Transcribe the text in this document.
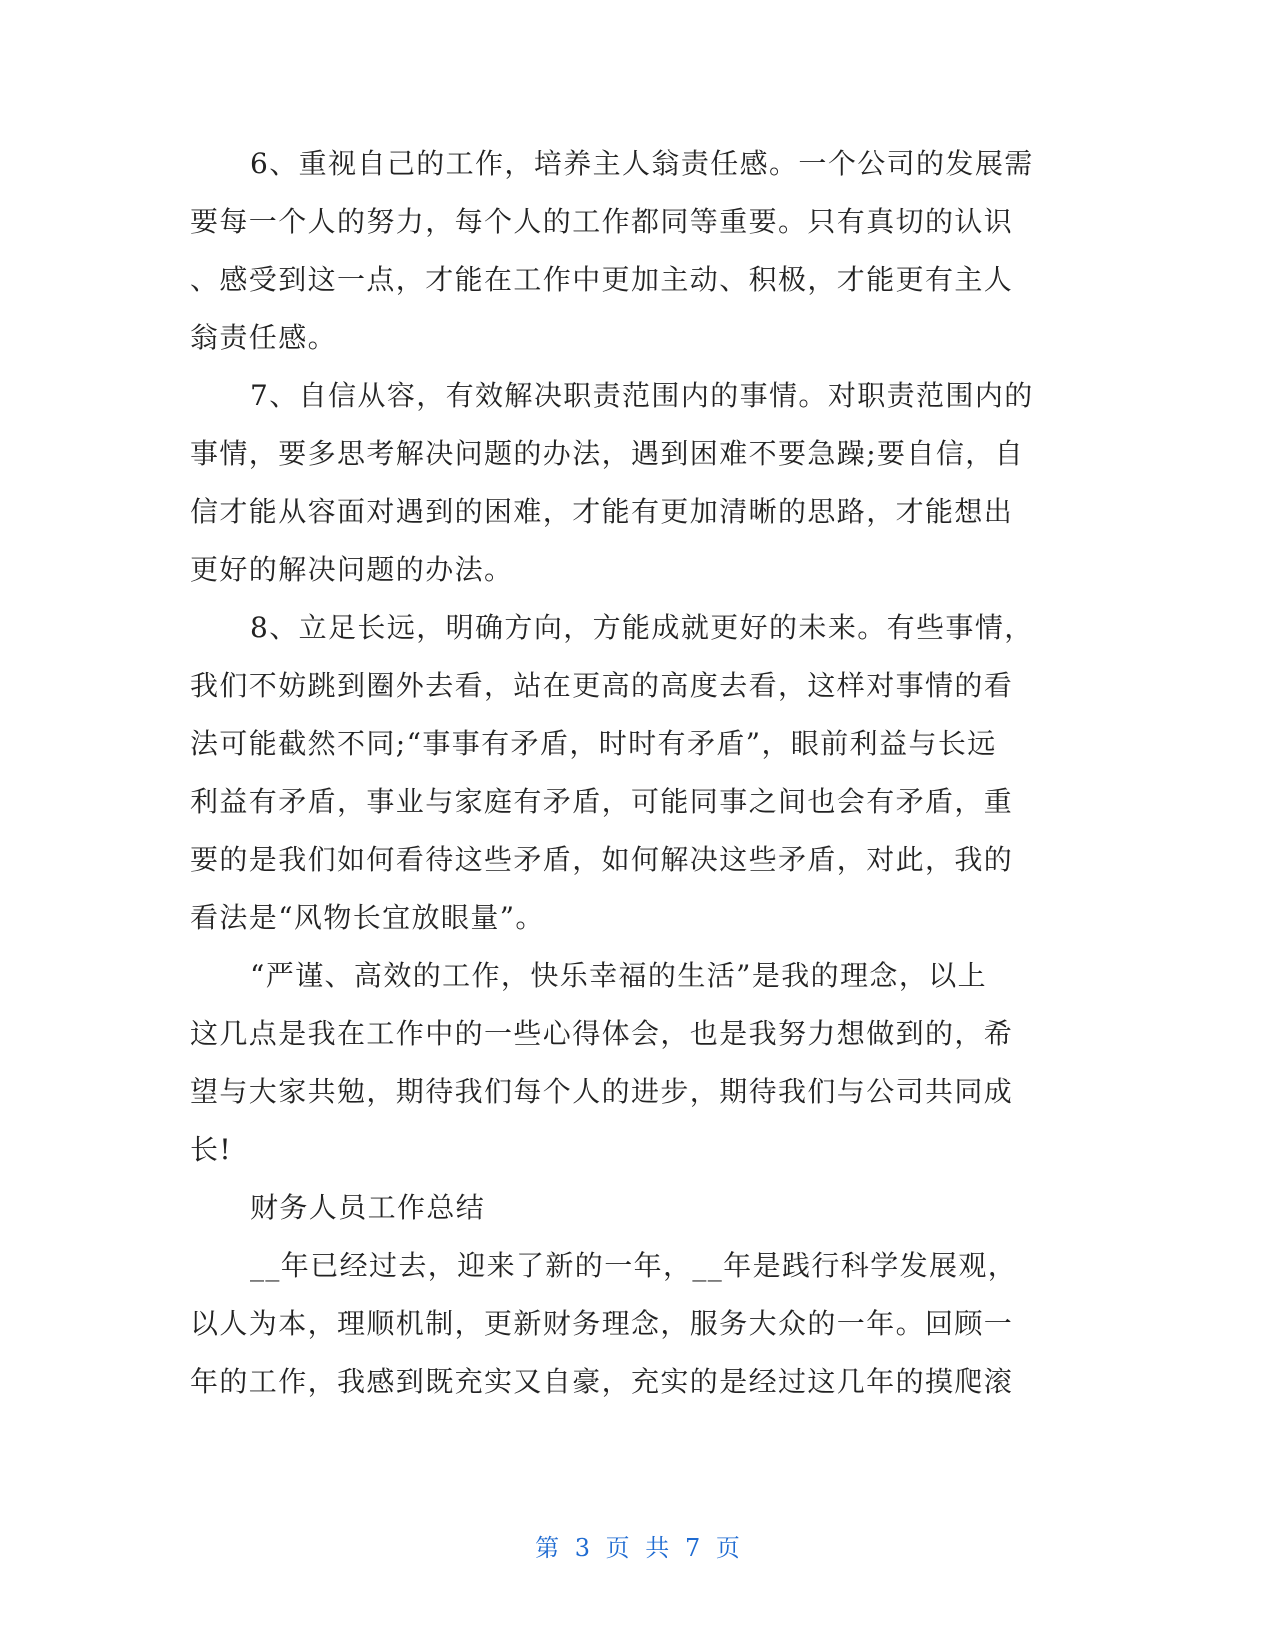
6、重视自己的工作，培养主人翁责任感。一个公司的发展需
要每一个人的努力，每个人的工作都同等重要。只有真切的认识
、感受到这一点，才能在工作中更加主动、积极，才能更有主人
翁责任感。
7、自信从容，有效解决职责范围内的事情。对职责范围内的
事情，要多思考解决问题的办法，遇到困难不要急躁;要自信，自
信才能从容面对遇到的困难，才能有更加清晰的思路，才能想出
更好的解决问题的办法。
8、立足长远，明确方向，方能成就更好的未来。有些事情，
我们不妨跳到圈外去看，站在更高的高度去看，这样对事情的看
法可能截然不同;“事事有矛盾，时时有矛盾”，眼前利益与长远
利益有矛盾，事业与家庭有矛盾，可能同事之间也会有矛盾，重
要的是我们如何看待这些矛盾，如何解决这些矛盾，对此，我的
看法是“风物长宜放眼量”。
“严谨、高效的工作，快乐幸福的生活”是我的理念，以上
这几点是我在工作中的一些心得体会，也是我努力想做到的，希
望与大家共勉，期待我们每个人的进步，期待我们与公司共同成
长!
财务人员工作总结
__年已经过去，迎来了新的一年，__年是践行科学发展观，
以人为本，理顺机制，更新财务理念，服务大众的一年。回顾一
年的工作，我感到既充实又自豪，充实的是经过这几年的摸爬滚
第 3 页 共 7 页
